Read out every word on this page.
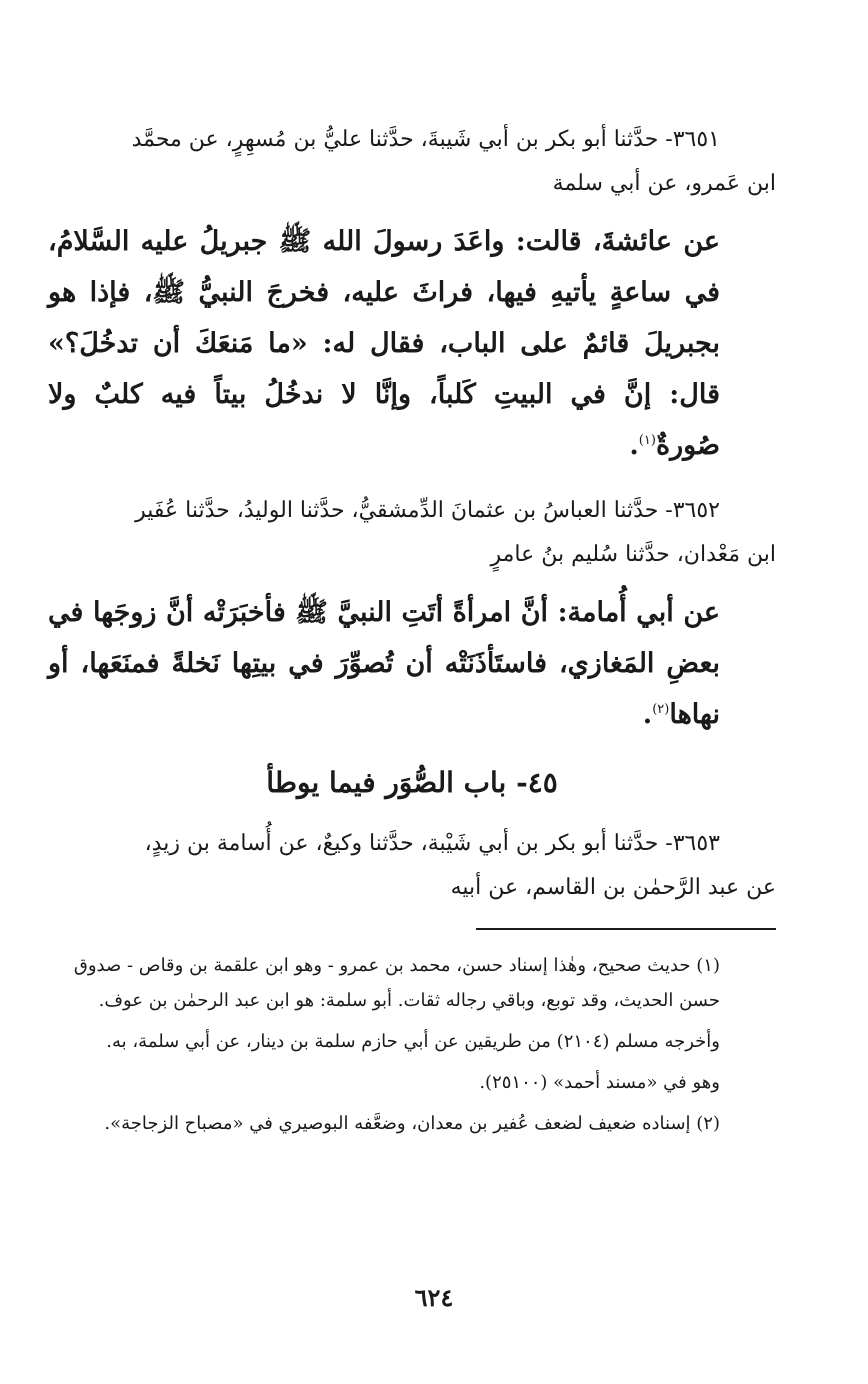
٣٦٥١- حدَّثنا أبو بكر بن أبي شَيبةَ، حدَّثنا عليُّ بن مُسهِرٍ، عن محمَّد
ابن عَمرو، عن أبي سلمة

عن عائشةَ، قالت: واعَدَ رسولَ الله ﷺ جبريلُ عليه السَّلامُ، في ساعةٍ يأتيهِ فيها، فراثَ عليه، فخرجَ النبيُّ ﷺ، فإذا هو بجبريلَ قائمٌ على الباب، فقال له: «ما مَنعَكَ أن تدخُلَ؟» قال: إنَّ في البيتِ كَلباً، وإنَّا لا ندخُلُ بيتاً فيه كلبٌ ولا صُورةٌ$^{(١)}$.

٣٦٥٢- حدَّثنا العباسُ بن عثمانَ الدِّمشقيُّ، حدَّثنا الوليدُ، حدَّثنا عُفَير
ابن مَعْدان، حدَّثنا سُليم بنُ عامرٍ

عن أبي أُمامة: أنَّ امرأةً أتَتِ النبيَّ ﷺ فأخبَرَتْه أنَّ زوجَها في بعضِ المَغازي، فاستَأذَنَتْه أن تُصوِّرَ في بيتِها نَخلةً فمنَعَها، أو نهاها$^{(٢)}$.

٤٥- باب الصُّوَر فيما يوطأ
٣٦٥٣- حدَّثنا أبو بكر بن أبي شَيْبة، حدَّثنا وكيعٌ، عن أُسامة بن زيدٍ،
عن عبد الرَّحمٰن بن القاسم، عن أبيه

(١) حديث صحيح، وهٰذا إسناد حسن، محمد بن عمرو - وهو ابن علقمة بن وقاص - صدوق حسن الحديث، وقد توبع، وباقي رجاله ثقات. أبو سلمة: هو ابن عبد الرحمٰن بن عوف.

وأخرجه مسلم (٢١٠٤) من طريقين عن أبي حازم سلمة بن دينار، عن أبي سلمة، به.

وهو في «مسند أحمد» (٢٥١٠٠).

(٢) إسناده ضعيف لضعف عُفير بن معدان، وضعَّفه البوصيري في «مصباح الزجاجة».

٦٢٤
